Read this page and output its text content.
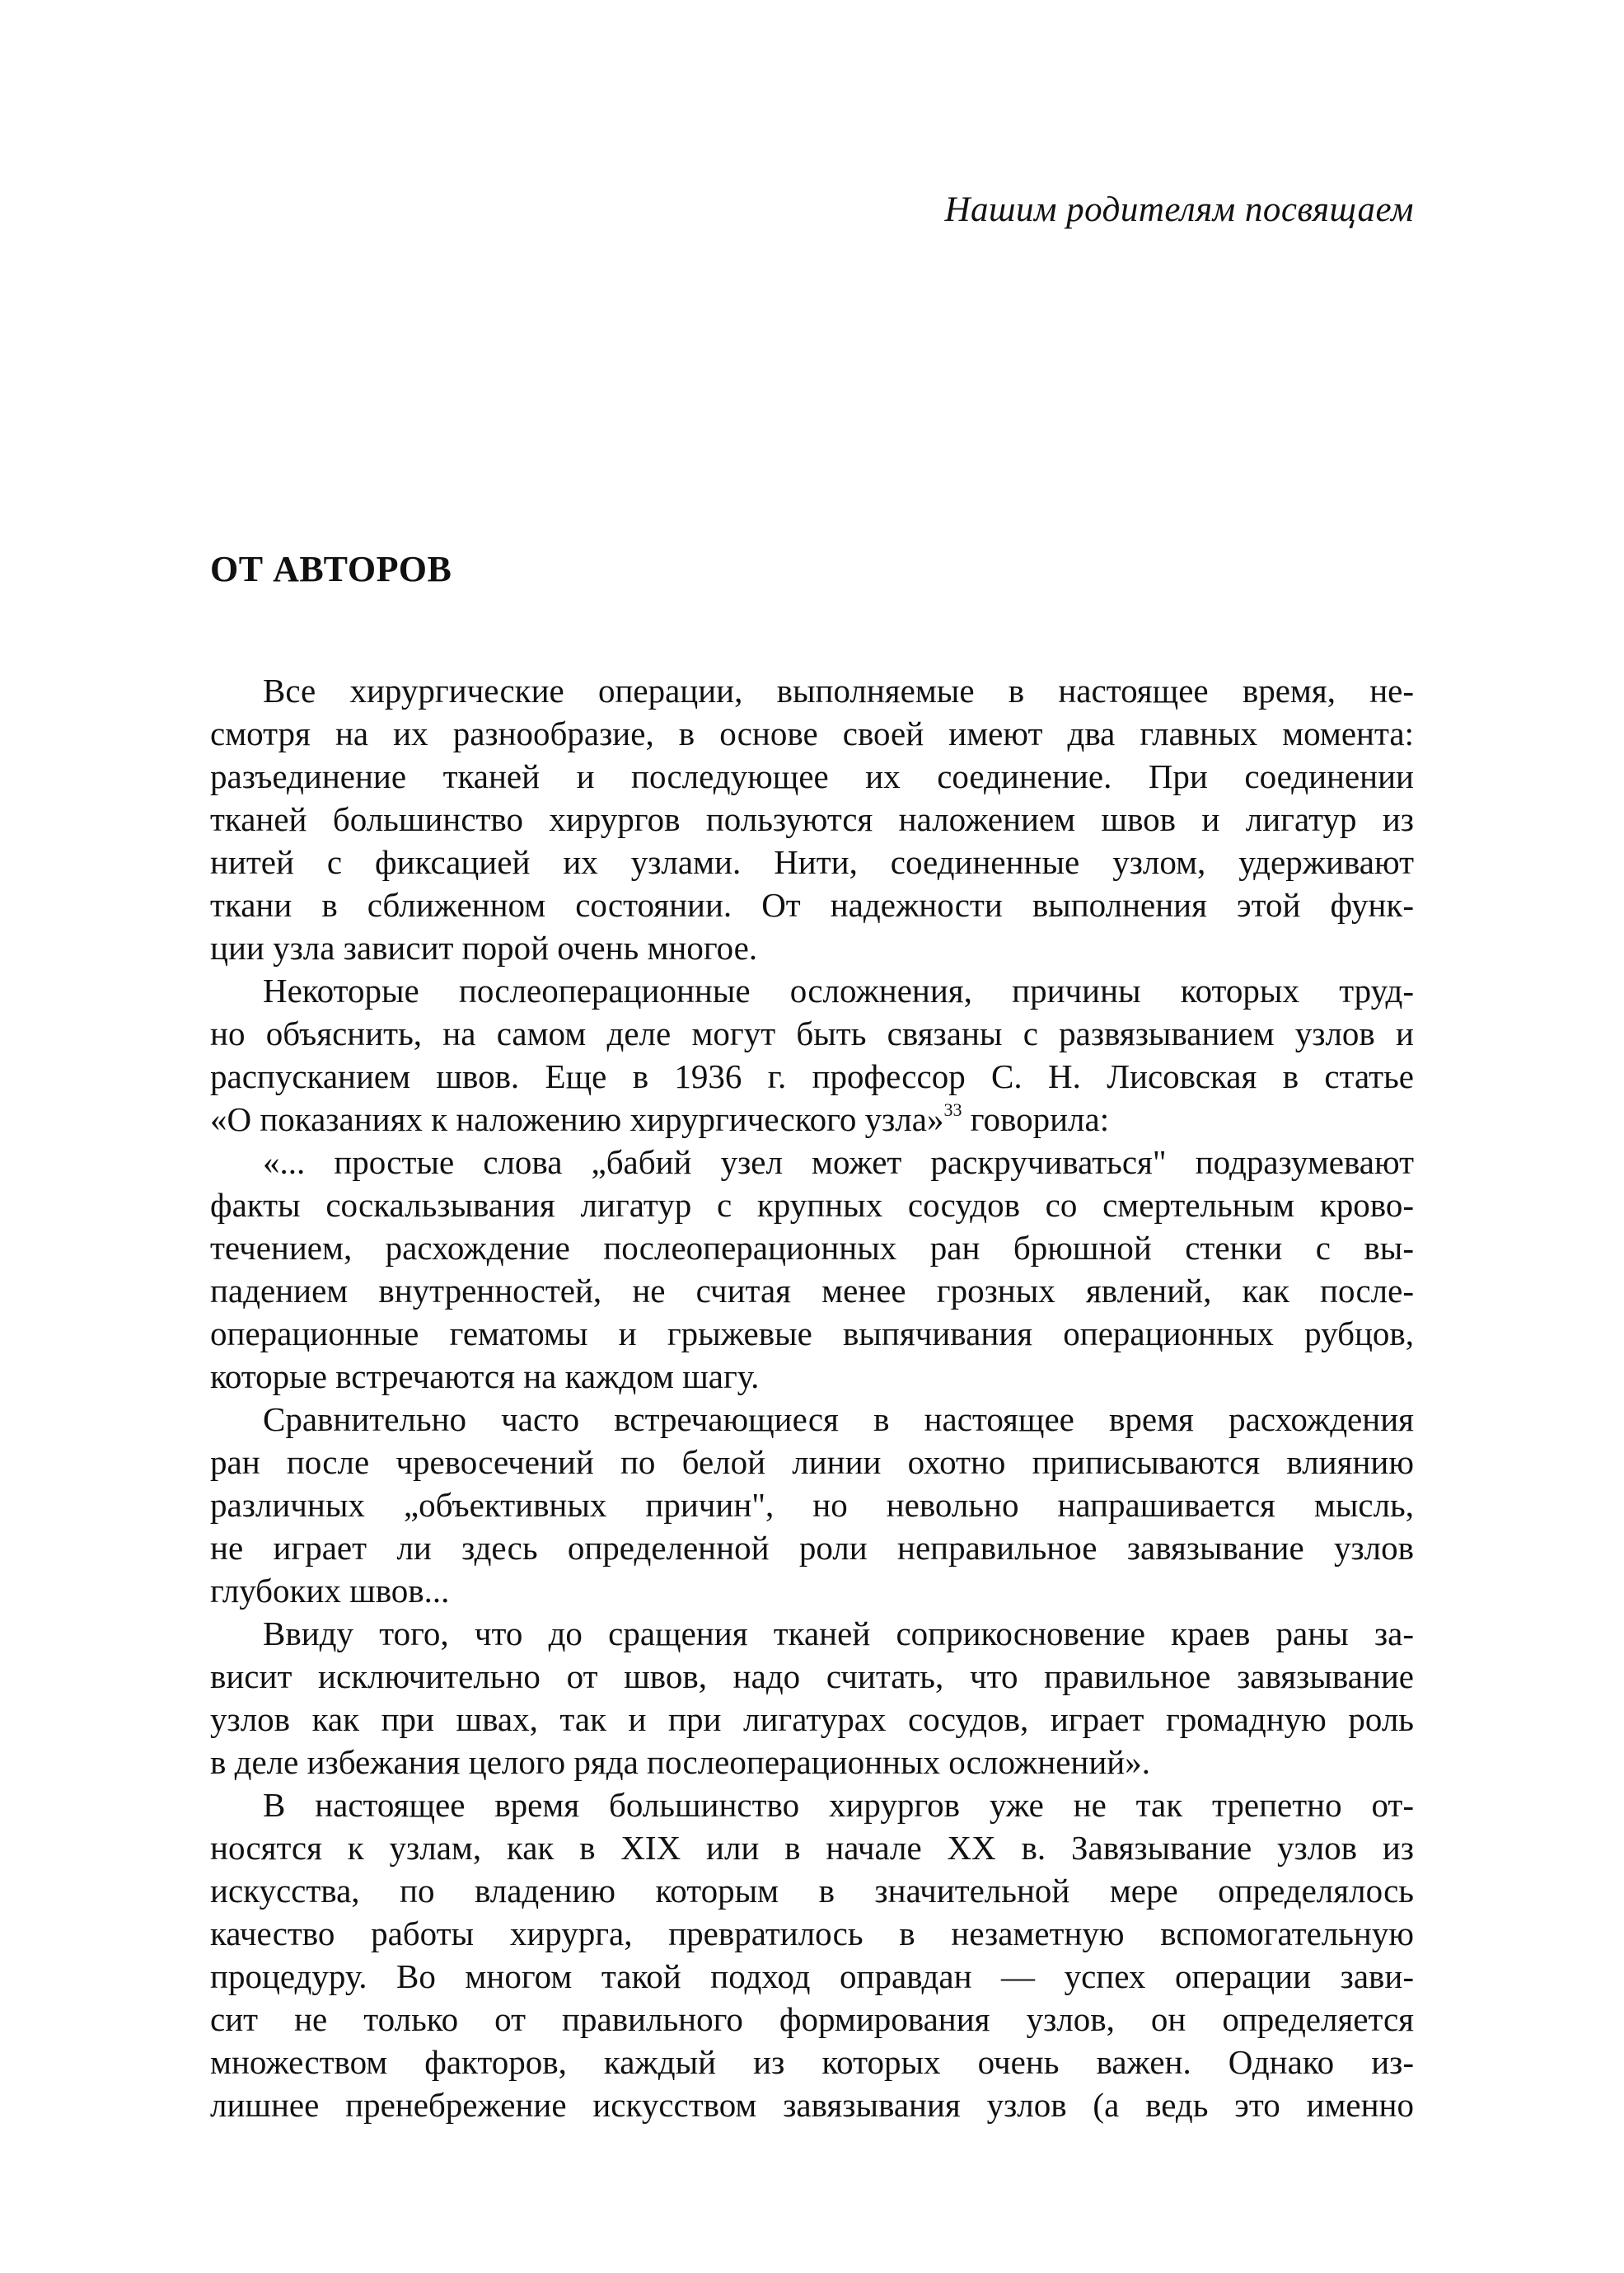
Нашим родителям посвящаем
ОТ АВТОРОВ
Все хирургические операции, выполняемые в настоящее время, не-
смотря на их разнообразие, в основе своей имеют два главных момента:
разъединение тканей и последующее их соединение. При соединении
тканей большинство хирургов пользуются наложением швов и лигатур из
нитей с фиксацией их узлами. Нити, соединенные узлом, удерживают
ткани в сближенном состоянии. От надежности выполнения этой функ-
ции узла зависит порой очень многое.
Некоторые послеоперационные осложнения, причины которых труд-
но объяснить, на самом деле могут быть связаны с развязыванием узлов и
распусканием швов. Еще в 1936 г. профессор С. Н. Лисовская в статье
«О показаниях к наложению хирургического узла»$^{33}$ говорила:
«... простые слова „бабий узел может раскручиваться" подразумевают
факты соскальзывания лигатур с крупных сосудов со смертельным крово-
течением, расхождение послеоперационных ран брюшной стенки с вы-
падением внутренностей, не считая менее грозных явлений, как после-
операционные гематомы и грыжевые выпячивания операционных рубцов,
которые встречаются на каждом шагу.
Сравнительно часто встречающиеся в настоящее время расхождения
ран после чревосечений по белой линии охотно приписываются влиянию
различных „объективных причин", но невольно напрашивается мысль,
не играет ли здесь определенной роли неправильное завязывание узлов
глубоких швов...
Ввиду того, что до сращения тканей соприкосновение краев раны за-
висит исключительно от швов, надо считать, что правильное завязывание
узлов как при швах, так и при лигатурах сосудов, играет громадную роль
в деле избежания целого ряда послеоперационных осложнений».
В настоящее время большинство хирургов уже не так трепетно от-
носятся к узлам, как в XIX или в начале XX в. Завязывание узлов из
искусства, по владению которым в значительной мере определялось
качество работы хирурга, превратилось в незаметную вспомогательную
процедуру. Во многом такой подход оправдан — успех операции зави-
сит не только от правильного формирования узлов, он определяется
множеством факторов, каждый из которых очень важен. Однако из-
лишнее пренебрежение искусством завязывания узлов (а ведь это именно
